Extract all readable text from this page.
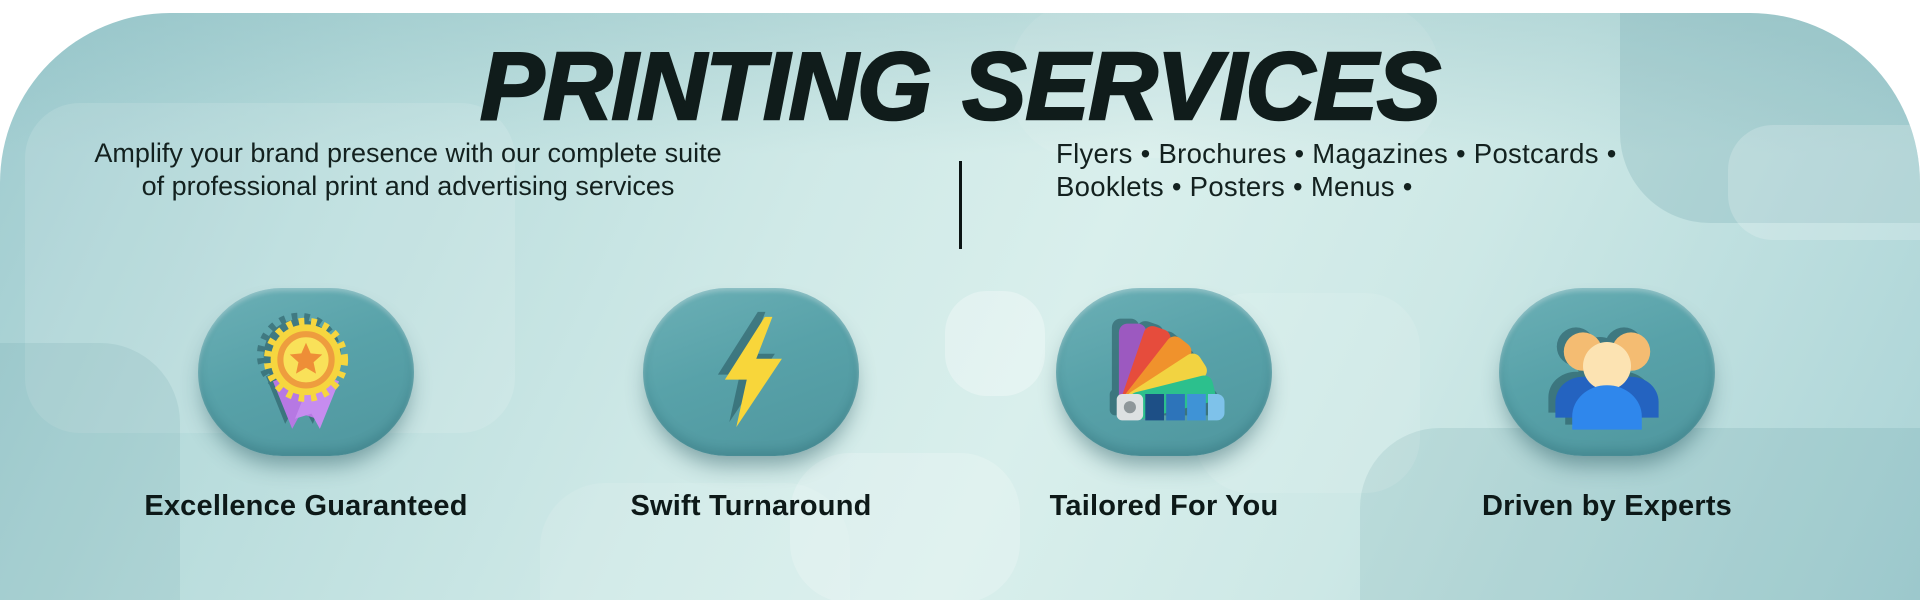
PRINTING SERVICES

Amplify your brand presence with our complete suite
of professional print and advertising services

Flyers • Brochures • Magazines • Postcards •
Booklets • Posters • Menus •

Excellence Guaranteed	Swift Turnaround	Tailored For You	Driven by Experts
